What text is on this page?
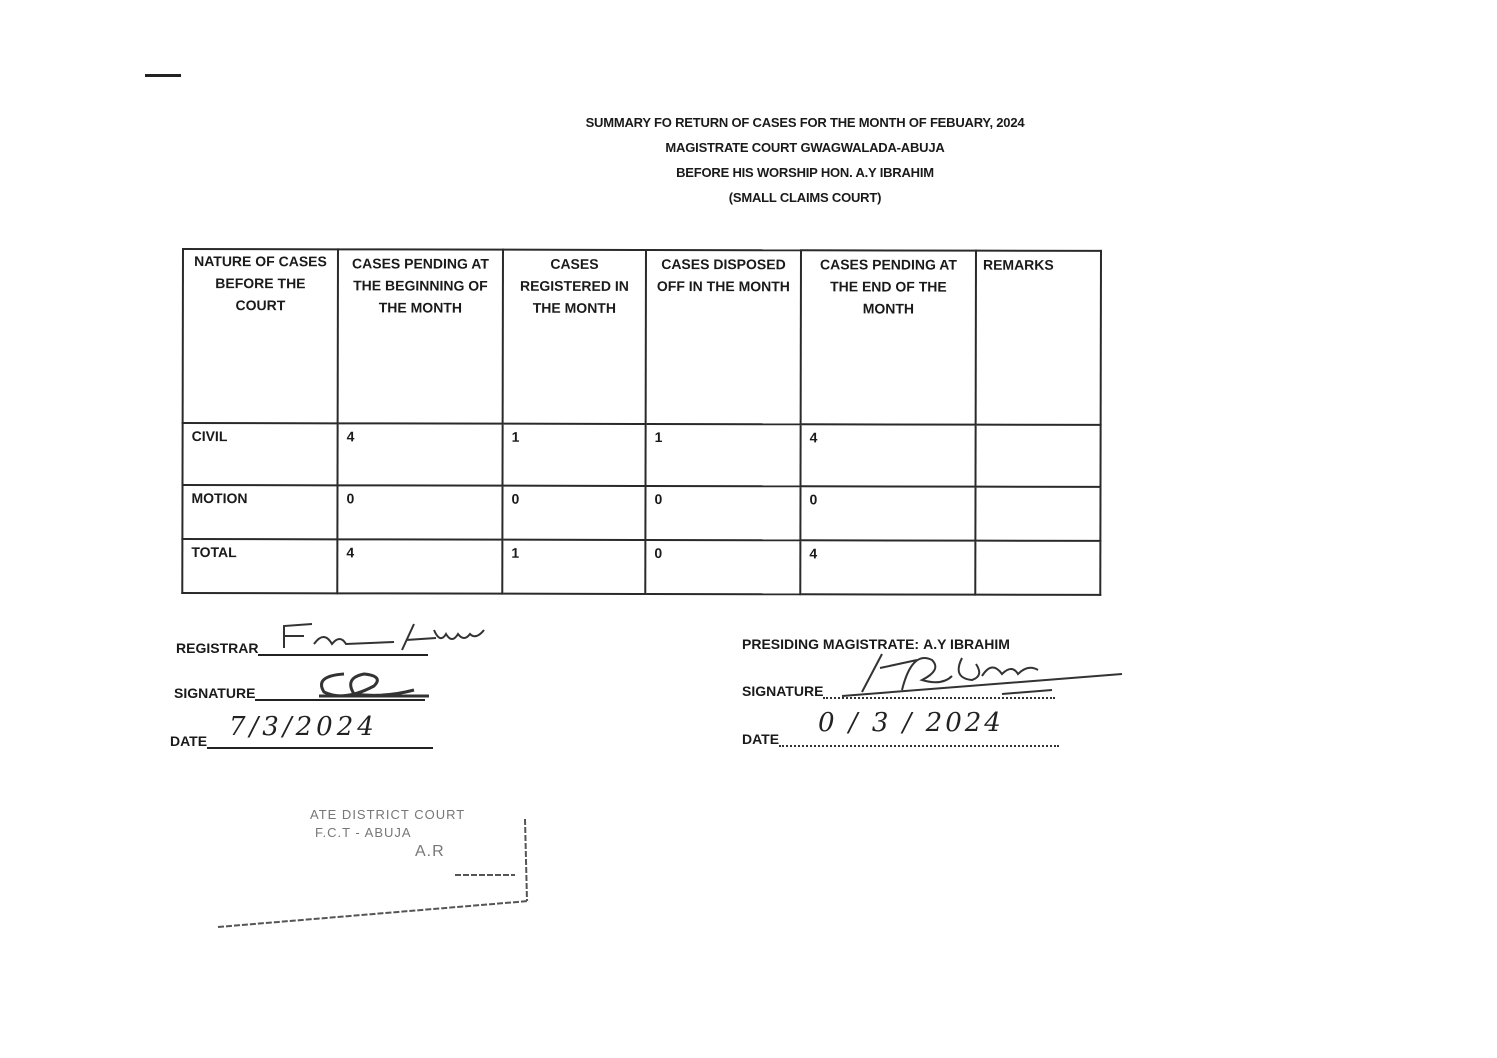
SUMMARY FO RETURN OF CASES FOR THE MONTH OF FEBUARY, 2024
MAGISTRATE COURT GWAGWALADA-ABUJA
BEFORE HIS WORSHIP HON. A.Y IBRAHIM
(SMALL CLAIMS COURT)
NATURE OF CASES BEFORE THE COURT	CASES PENDING AT THE BEGINNING OF THE MONTH	CASES REGISTERED IN THE MONTH	CASES DISPOSED OFF IN THE MONTH	CASES PENDING AT THE END OF THE MONTH	REMARKS
CIVIL	4	1	1	4	
MOTION	0	0	0	0	
TOTAL	4	1	0	4	
REGISTRAR
SIGNATURE
DATE 7/3/2024
PRESIDING MAGISTRATE: A.Y IBRAHIM
SIGNATURE
DATE
0 / 3 / 2024
ATE DISTRICT COURT
F.C.T - ABUJA
A.R
